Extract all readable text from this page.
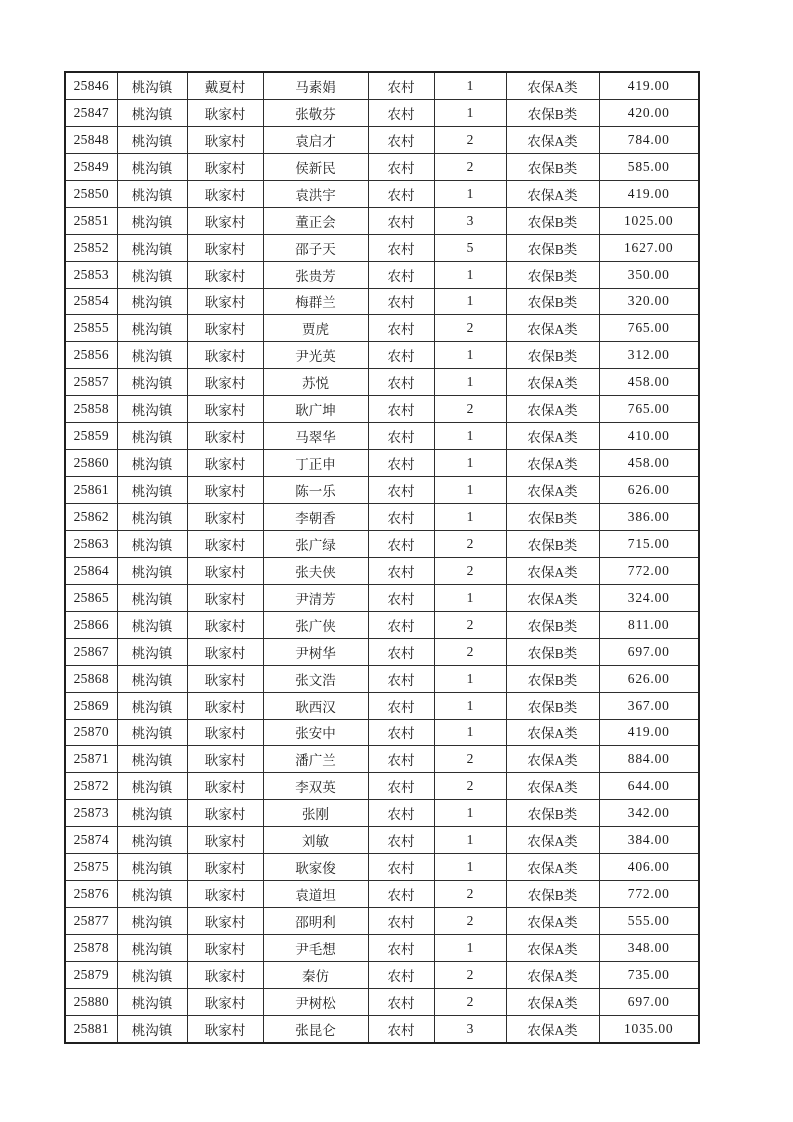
25846	桃沟镇	戴夏村	马素娟	农村	1	农保A类	419.00
25847	桃沟镇	耿家村	张敬芬	农村	1	农保B类	420.00
25848	桃沟镇	耿家村	袁启才	农村	2	农保A类	784.00
25849	桃沟镇	耿家村	侯新民	农村	2	农保B类	585.00
25850	桃沟镇	耿家村	袁洪宇	农村	1	农保A类	419.00
25851	桃沟镇	耿家村	董正会	农村	3	农保B类	1025.00
25852	桃沟镇	耿家村	邵子天	农村	5	农保B类	1627.00
25853	桃沟镇	耿家村	张贵芳	农村	1	农保B类	350.00
25854	桃沟镇	耿家村	梅群兰	农村	1	农保B类	320.00
25855	桃沟镇	耿家村	贾虎	农村	2	农保A类	765.00
25856	桃沟镇	耿家村	尹光英	农村	1	农保B类	312.00
25857	桃沟镇	耿家村	苏悦	农村	1	农保A类	458.00
25858	桃沟镇	耿家村	耿广坤	农村	2	农保A类	765.00
25859	桃沟镇	耿家村	马翠华	农村	1	农保A类	410.00
25860	桃沟镇	耿家村	丁正申	农村	1	农保A类	458.00
25861	桃沟镇	耿家村	陈一乐	农村	1	农保A类	626.00
25862	桃沟镇	耿家村	李朝香	农村	1	农保B类	386.00
25863	桃沟镇	耿家村	张广绿	农村	2	农保B类	715.00
25864	桃沟镇	耿家村	张夫侠	农村	2	农保A类	772.00
25865	桃沟镇	耿家村	尹清芳	农村	1	农保A类	324.00
25866	桃沟镇	耿家村	张广侠	农村	2	农保B类	811.00
25867	桃沟镇	耿家村	尹树华	农村	2	农保B类	697.00
25868	桃沟镇	耿家村	张文浩	农村	1	农保B类	626.00
25869	桃沟镇	耿家村	耿西汉	农村	1	农保B类	367.00
25870	桃沟镇	耿家村	张安中	农村	1	农保A类	419.00
25871	桃沟镇	耿家村	潘广兰	农村	2	农保A类	884.00
25872	桃沟镇	耿家村	李双英	农村	2	农保A类	644.00
25873	桃沟镇	耿家村	张刚	农村	1	农保B类	342.00
25874	桃沟镇	耿家村	刘敏	农村	1	农保A类	384.00
25875	桃沟镇	耿家村	耿家俊	农村	1	农保A类	406.00
25876	桃沟镇	耿家村	袁道坦	农村	2	农保B类	772.00
25877	桃沟镇	耿家村	邵明利	农村	2	农保A类	555.00
25878	桃沟镇	耿家村	尹毛想	农村	1	农保A类	348.00
25879	桃沟镇	耿家村	秦仿	农村	2	农保A类	735.00
25880	桃沟镇	耿家村	尹树松	农村	2	农保A类	697.00
25881	桃沟镇	耿家村	张昆仑	农村	3	农保A类	1035.00
